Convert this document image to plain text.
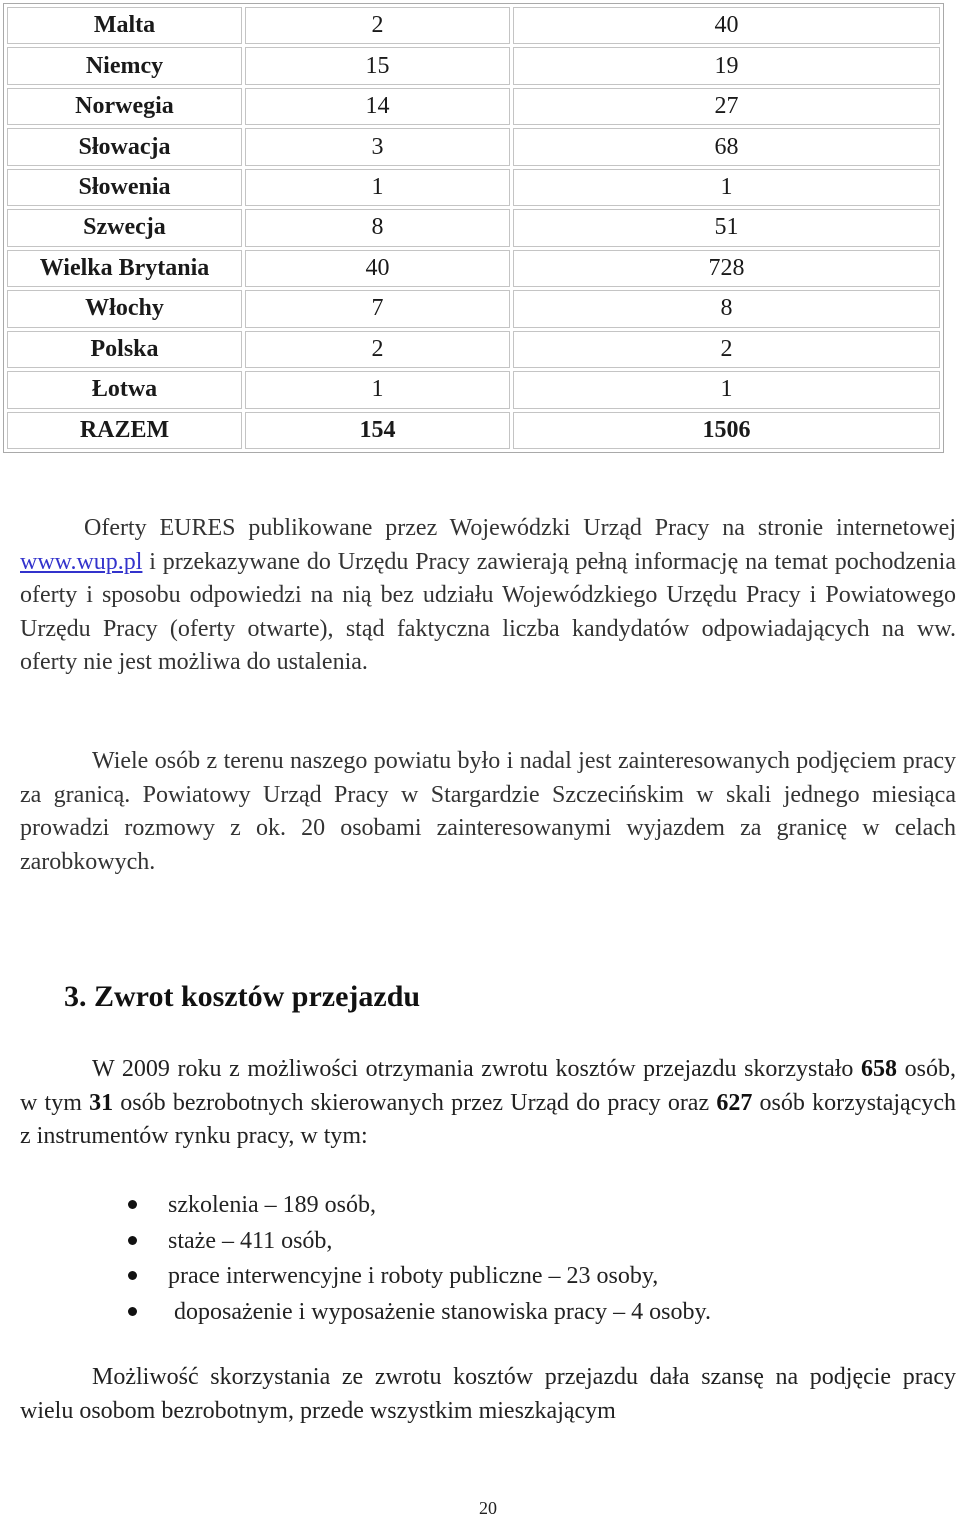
Malta	2	40
Niemcy	15	19
Norwegia	14	27
Słowacja	3	68
Słowenia	1	1
Szwecja	8	51
Wielka Brytania	40	728
Włochy	7	8
Polska	2	2
Łotwa	1	1
RAZEM	154	1506

Oferty EURES publikowane przez Wojewódzki Urząd Pracy na stronie internetowej www.wup.pl i przekazywane do Urzędu Pracy zawierają pełną informację na temat pochodzenia oferty i sposobu odpowiedzi na nią bez udziału Wojewódzkiego Urzędu Pracy i Powiatowego Urzędu Pracy (oferty otwarte), stąd faktyczna liczba kandydatów odpowiadających na ww. oferty nie jest możliwa do ustalenia.

Wiele osób z terenu naszego powiatu było i nadal jest zainteresowanych podjęciem pracy za granicą. Powiatowy Urząd Pracy w Stargardzie Szczecińskim w skali jednego miesiąca prowadzi rozmowy z ok. 20 osobami zainteresowanymi wyjazdem za granicę w celach zarobkowych.

3. Zwrot kosztów przejazdu

W 2009 roku z możliwości otrzymania zwrotu kosztów przejazdu skorzystało 658 osób, w tym 31 osób bezrobotnych skierowanych przez Urząd do pracy oraz 627 osób korzystających z instrumentów rynku pracy, w tym:

szkolenia – 189 osób,
staże – 411 osób,
prace interwencyjne i roboty publiczne – 23 osoby,
doposażenie i wyposażenie stanowiska pracy – 4 osoby.

Możliwość skorzystania ze zwrotu kosztów przejazdu dała szansę na podjęcie pracy wielu osobom bezrobotnym, przede wszystkim mieszkającym

20
